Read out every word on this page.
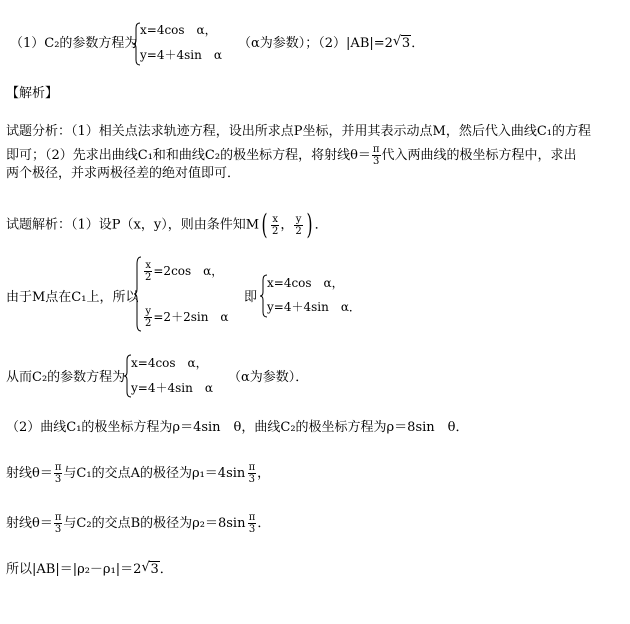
（1）C₂的参数方程为
x=4cos　α，
y=4＋4sin　α
（α为参数）；（2）|AB|=2 √ 3．
【解析】
试题分析：（1）相关点法求轨迹方程，设出所求点P坐标，并用其表示动点M，然后代入曲线C₁的方程
即可；（2）先求出曲线C₁和和曲线C₂的极坐标方程，将射线$\theta= \frac{\pi}{3}$ 代入两曲线的极坐标方程中，求出
两个极径，并求两极径差的绝对值即可．
试题解析：（1）设P（x，y），则由条件知$M( \frac{x}{2}$ ， $\frac{y}{2}$ ) ．
由于M点在C₁上，所以
$\frac{x}{2} =2\cos$　α，
$\frac{y}{2} =2+2\sin$　α
即
x=4cos　α，
y=4＋4sin　α．
从而C₂的参数方程为
x=4cos　α，
y=4＋4sin　α
（α为参数）．
（2）曲线C₁的极坐标方程为ρ＝4sin　θ，曲线C₂的极坐标方程为ρ＝8sin　θ．
射线$\theta= \frac{\pi}{3}$ 与C₁的交点A的极径为ρ₁＝4sin  $\frac{\pi}{3}$ ，
射线$\theta= \frac{\pi}{3}$ 与C₂的交点B的极径为ρ₂＝8sin  $\frac{\pi}{3}$ ．
所以|AB|＝|ρ₂－ρ₁|＝2 √ 3．
